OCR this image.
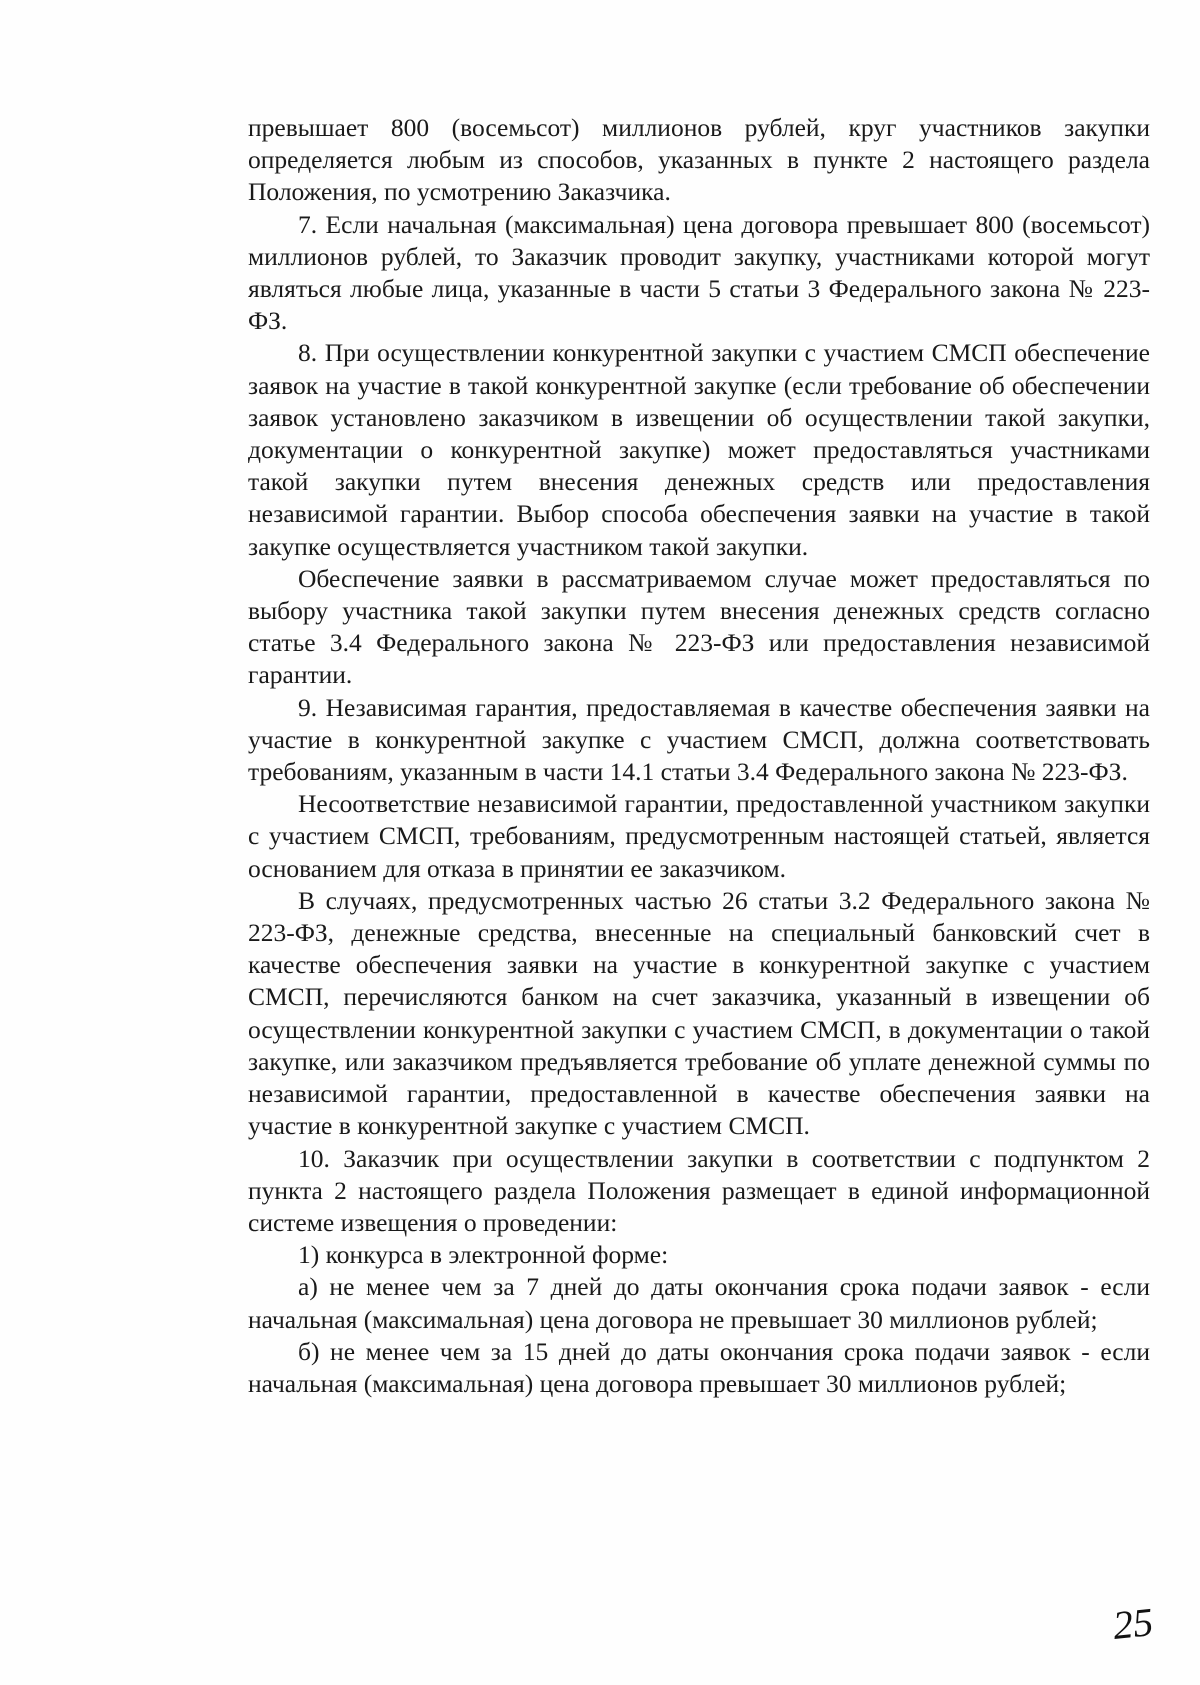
превышает 800 (восемьсот) миллионов рублей, круг участников закупки определяется любым из способов, указанных в пункте 2 настоящего раздела Положения, по усмотрению Заказчика.

7. Если начальная (максимальная) цена договора превышает 800 (восемьсот) миллионов рублей, то Заказчик проводит закупку, участниками которой могут являться любые лица, указанные в части 5 статьи 3 Федерального закона № 223-ФЗ.

8. При осуществлении конкурентной закупки с участием СМСП обеспечение заявок на участие в такой конкурентной закупке (если требование об обеспечении заявок установлено заказчиком в извещении об осуществлении такой закупки, документации о конкурентной закупке) может предоставляться участниками такой закупки путем внесения денежных средств или предоставления независимой гарантии. Выбор способа обеспечения заявки на участие в такой закупке осуществляется участником такой закупки.

Обеспечение заявки в рассматриваемом случае может предоставляться по выбору участника такой закупки путем внесения денежных средств согласно статье 3.4 Федерального закона № 223-ФЗ или предоставления независимой гарантии.

9. Независимая гарантия, предоставляемая в качестве обеспечения заявки на участие в конкурентной закупке с участием СМСП, должна соответствовать требованиям, указанным в части 14.1 статьи 3.4 Федерального закона № 223-ФЗ.

Несоответствие независимой гарантии, предоставленной участником закупки с участием СМСП, требованиям, предусмотренным настоящей статьей, является основанием для отказа в принятии ее заказчиком.

В случаях, предусмотренных частью 26 статьи 3.2 Федерального закона № 223-ФЗ, денежные средства, внесенные на специальный банковский счет в качестве обеспечения заявки на участие в конкурентной закупке с участием СМСП, перечисляются банком на счет заказчика, указанный в извещении об осуществлении конкурентной закупки с участием СМСП, в документации о такой закупке, или заказчиком предъявляется требование об уплате денежной суммы по независимой гарантии, предоставленной в качестве обеспечения заявки на участие в конкурентной закупке с участием СМСП.

10. Заказчик при осуществлении закупки в соответствии с подпунктом 2 пункта 2 настоящего раздела Положения размещает в единой информационной системе извещения о проведении:

1) конкурса в электронной форме:

а) не менее чем за 7 дней до даты окончания срока подачи заявок - если начальная (максимальная) цена договора не превышает 30 миллионов рублей;

б) не менее чем за 15 дней до даты окончания срока подачи заявок - если начальная (максимальная) цена договора превышает 30 миллионов рублей;

25
